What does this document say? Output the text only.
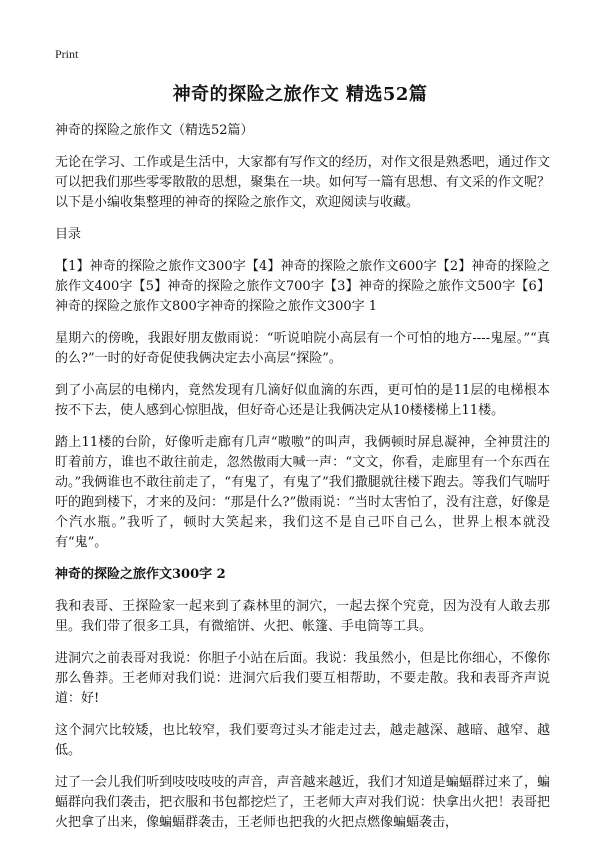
Print
神奇的探险之旅作文 精选52篇

神奇的探险之旅作文（精选52篇）

无论在学习、工作或是生活中，大家都有写作文的经历，对作文很是熟悉吧，通过作文可以把我们那些零零散散的思想，聚集在一块。如何写一篇有思想、有文采的作文呢？以下是小编收集整理的神奇的探险之旅作文，欢迎阅读与收藏。

目录

【1】神奇的探险之旅作文300字【4】神奇的探险之旅作文600字【2】神奇的探险之旅作文400字【5】神奇的探险之旅作文700字【3】神奇的探险之旅作文500字【6】神奇的探险之旅作文800字神奇的探险之旅作文300字 1

星期六的傍晚，我跟好朋友傲雨说：“听说咱院小高层有一个可怕的地方----鬼屋。”“真的么?”一时的好奇促使我俩决定去小高层“探险”。

到了小高层的电梯内，竟然发现有几滴好似血滴的东西，更可怕的是11层的电梯根本按不下去，使人感到心惊胆战，但好奇心还是让我俩决定从10楼楼梯上11楼。

踏上11楼的台阶，好像听走廊有几声“嗷嗷”的叫声，我俩顿时屏息凝神，全神贯注的盯着前方，谁也不敢往前走，忽然傲雨大喊一声：“文文，你看，走廊里有一个东西在动。”我俩谁也不敢往前走了，“有鬼了，有鬼了”我们撒腿就往楼下跑去。等我们气喘吁吁的跑到楼下，才来的及问：“那是什么?”傲雨说：“当时太害怕了，没有注意，好像是个汽水瓶。”我听了，顿时大笑起来，我们这不是自己吓自己么，世界上根本就没有“鬼”。

神奇的探险之旅作文300字 2

我和表哥、王探险家一起来到了森林里的洞穴，一起去探个究竟，因为没有人敢去那里。我们带了很多工具，有微缩饼、火把、帐篷、手电筒等工具。

进洞穴之前表哥对我说：你胆子小站在后面。我说：我虽然小，但是比你细心，不像你那么鲁莽。王老师对我们说：进洞穴后我们要互相帮助，不要走散。我和表哥齐声说道：好!

这个洞穴比较矮，也比较窄，我们要弯过头才能走过去，越走越深、越暗、越窄、越低。

过了一会儿我们听到吱吱吱吱的声音，声音越来越近，我们才知道是蝙蝠群过来了，蝙蝠群向我们袭击，把衣服和书包都挖烂了，王老师大声对我们说：快拿出火把！表哥把火把拿了出来，像蝙蝠群袭击，王老师也把我的火把点燃像蝙蝠袭击，
